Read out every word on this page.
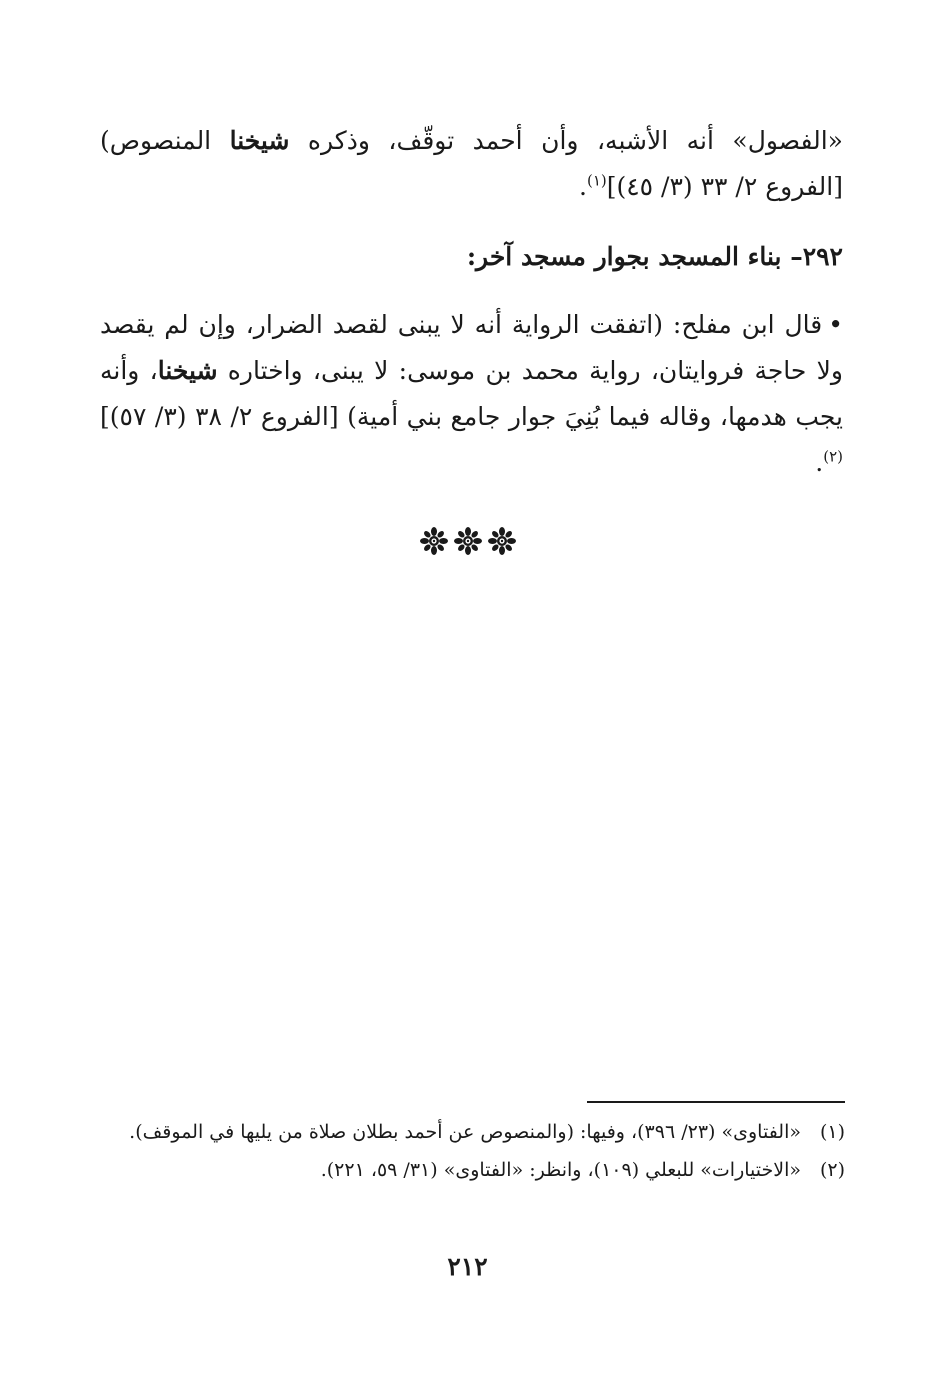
«الفصول» أنه الأشبه، وأن أحمد توقّف، وذكره شيخنا المنصوص) [الفروع ٢/ ٣٣ (٣/ ٤٥)]$^{(١)}$.

٢٩٢– بناء المسجد بجوار مسجد آخر:

•قال ابن مفلح: (اتفقت الرواية أنه لا يبنى لقصد الضرار، وإن لم يقصد ولا حاجة فروايتان، رواية محمد بن موسى: لا يبنى، واختاره شيخنا، وأنه يجب هدمها، وقاله فيما بُنِيَ جوار جامع بني أمية) [الفروع ٢/ ٣٨ (٣/ ٥٧)]$^{(٢)}$.

(١)«الفتاوى» (٢٣/ ٣٩٦)، وفيها: (والمنصوص عن أحمد بطلان صلاة من يليها في الموقف).

(٢)«الاختيارات» للبعلي (١٠٩)، وانظر: «الفتاوى» (٣١/ ٥٩، ٢٢١).

٢١٢
